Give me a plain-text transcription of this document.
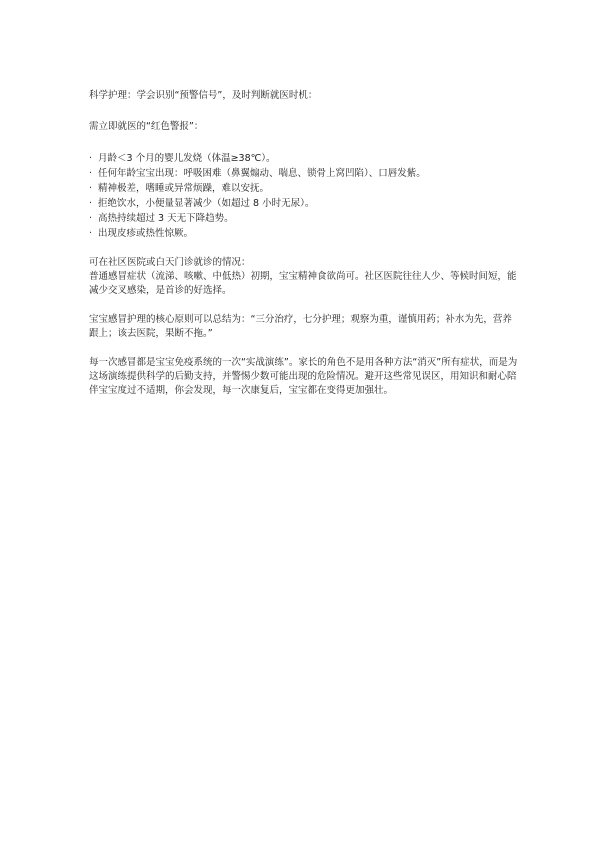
科学护理：学会识别“预警信号”，及时判断就医时机：

需立即就医的“红色警报”：

· 月龄＜3 个月的婴儿发烧（体温≥38℃）。
· 任何年龄宝宝出现：呼吸困难（鼻翼煽动、喘息、锁骨上窝凹陷）、口唇发紫。
· 精神极差，嗜睡或异常烦躁，难以安抚。
· 拒绝饮水，小便量显著减少（如超过 8 小时无尿）。
· 高热持续超过 3 天无下降趋势。
· 出现皮疹或热性惊厥。

可在社区医院或白天门诊就诊的情况：

普通感冒症状（流涕、咳嗽、中低热）初期，宝宝精神食欲尚可。社区医院往往人少、等候时间短，能减少交叉感染，是首诊的好选择。

宝宝感冒护理的核心原则可以总结为：“三分治疗，七分护理；观察为重，谨慎用药；补水为先，营养跟上；该去医院，果断不拖。”

每一次感冒都是宝宝免疫系统的一次“实战演练”。家长的角色不是用各种方法“消灭”所有症状，而是为这场演练提供科学的后勤支持，并警惕少数可能出现的危险情况。避开这些常见误区，用知识和耐心陪伴宝宝度过不适期，你会发现，每一次康复后，宝宝都在变得更加强壮。
